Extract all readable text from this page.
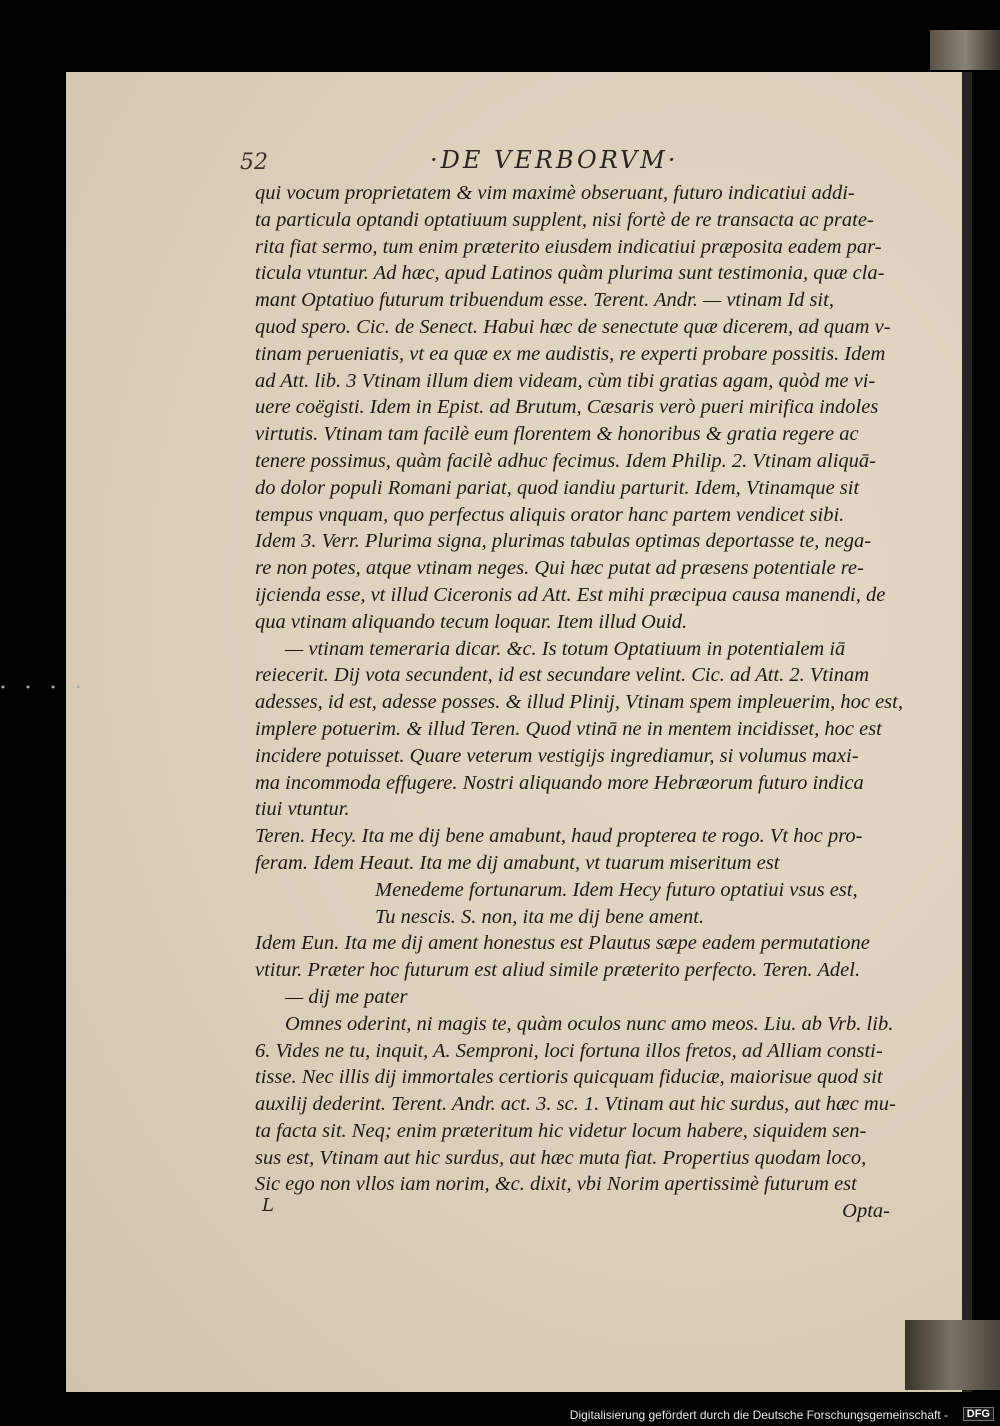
• • • •
52	·DE VERBORVM·
qui vocum proprietatem & vim maximè obseruant, futuro indicatiui addi-
ta particula optandi optatiuum supplent, nisi fortè de re transacta ac prate-
rita fiat sermo, tum enim præterito eiusdem indicatiui præposita eadem par-
ticula vtuntur. Ad hæc, apud Latinos quàm plurima sunt testimonia, quæ cla-
mant Optatiuo futurum tribuendum esse. Terent. Andr. — vtinam Id sit,
quod spero. Cic. de Senect. Habui hæc de senectute quæ dicerem, ad quam v-
tinam perueniatis, vt ea quæ ex me audistis, re experti probare possitis. Idem
ad Att. lib. 3 Vtinam illum diem videam, cùm tibi gratias agam, quòd me vi-
uere coëgisti. Idem in Epist. ad Brutum, Cæsaris verò pueri mirifica indoles
virtutis. Vtinam tam facilè eum florentem & honoribus & gratia regere ac
tenere possimus, quàm facilè adhuc fecimus. Idem Philip. 2. Vtinam aliquā-
do dolor populi Romani pariat, quod iandiu parturit. Idem, Vtinamque sit
tempus vnquam, quo perfectus aliquis orator hanc partem vendicet sibi.
Idem 3. Verr. Plurima signa, plurimas tabulas optimas deportasse te, nega-
re non potes, atque vtinam neges. Qui hæc putat ad præsens potentiale re-
ijcienda esse, vt illud Ciceronis ad Att. Est mihi præcipua causa manendi, de
qua vtinam aliquando tecum loquar. Item illud Ouid.
— vtinam temeraria dicar. &c. Is totum Optatiuum in potentialem iā
reiecerit. Dij vota secundent, id est secundare velint. Cic. ad Att. 2. Vtinam
adesses, id est, adesse posses. & illud Plinij, Vtinam spem impleuerim, hoc est,
implere potuerim. & illud Teren. Quod vtinā ne in mentem incidisset, hoc est
incidere potuisset. Quare veterum vestigijs ingrediamur, si volumus maxi-
ma incommoda effugere. Nostri aliquando more Hebræorum futuro indica
tiui vtuntur.
Teren. Hecy. Ita me dij bene amabunt, haud propterea te rogo. Vt hoc pro-
feram. Idem Heaut. Ita me dij amabunt, vt tuarum miseritum est
Menedeme fortunarum. Idem Hecy futuro optatiui vsus est,
Tu nescis. S. non, ita me dij bene ament.
Idem Eun. Ita me dij ament honestus est Plautus sæpe eadem permutatione
vtitur. Præter hoc futurum est aliud simile præterito perfecto. Teren. Adel.
— dij me pater
Omnes oderint, ni magis te, quàm oculos nunc amo meos. Liu. ab Vrb. lib.
6. Vides ne tu, inquit, A. Semproni, loci fortuna illos fretos, ad Alliam consti-
tisse. Nec illis dij immortales certioris quicquam fiduciæ, maiorisue quod sit
auxilij dederint. Terent. Andr. act. 3. sc. 1. Vtinam aut hic surdus, aut hæc mu-
ta facta sit. Neq; enim præteritum hic videtur locum habere, siquidem sen-
sus est, Vtinam aut hic surdus, aut hæc muta fiat. Propertius quodam loco,
Sic ego non vllos iam norim, &c. dixit, vbi Norim apertissimè futurum est
Opta-
L
Digitalisierung gefördert durch die Deutsche Forschungsgemeinschaft -	DFG
